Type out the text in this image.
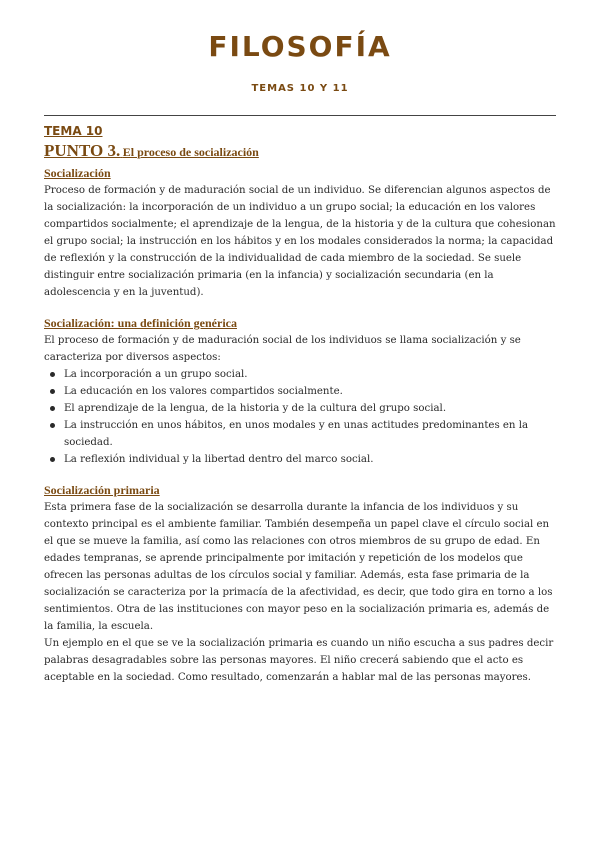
FILOSOFÍA
TEMAS 10 Y 11
TEMA 10
PUNTO 3. El proceso de socialización
Socialización

Proceso de formación y de maduración social de un individuo. Se diferencian algunos aspectos de la socialización: la incorporación de un individuo a un grupo social; la educación en los valores compartidos socialmente; el aprendizaje de la lengua, de la historia y de la cultura que cohesionan el grupo social; la instrucción en los hábitos y en los modales considerados la norma; la capacidad de reflexión y la construcción de la individualidad de cada miembro de la sociedad. Se suele distinguir entre socialización primaria (en la infancia) y socialización secundaria (en la adolescencia y en la juventud).

Socialización: una definición genérica

El proceso de formación y de maduración social de los individuos se llama socialización y se caracteriza por diversos aspectos:

La incorporación a un grupo social.
La educación en los valores compartidos socialmente.
El aprendizaje de la lengua, de la historia y de la cultura del grupo social.
La instrucción en unos hábitos, en unos modales y en unas actitudes predominantes en la sociedad.
La reflexión individual y la libertad dentro del marco social.
Socialización primaria

Esta primera fase de la socialización se desarrolla durante la infancia de los individuos y su contexto principal es el ambiente familiar. También desempeña un papel clave el círculo social en el que se mueve la familia, así como las relaciones con otros miembros de su grupo de edad. En edades tempranas, se aprende principalmente por imitación y repetición de los modelos que ofrecen las personas adultas de los círculos social y familiar. Además, esta fase primaria de la socialización se caracteriza por la primacía de la afectividad, es decir, que todo gira en torno a los sentimientos. Otra de las instituciones con mayor peso en la socialización primaria es, además de la familia, la escuela.

Un ejemplo en el que se ve la socialización primaria es cuando un niño escucha a sus padres decir palabras desagradables sobre las personas mayores. El niño crecerá sabiendo que el acto es aceptable en la sociedad. Como resultado, comenzarán a hablar mal de las personas mayores.
